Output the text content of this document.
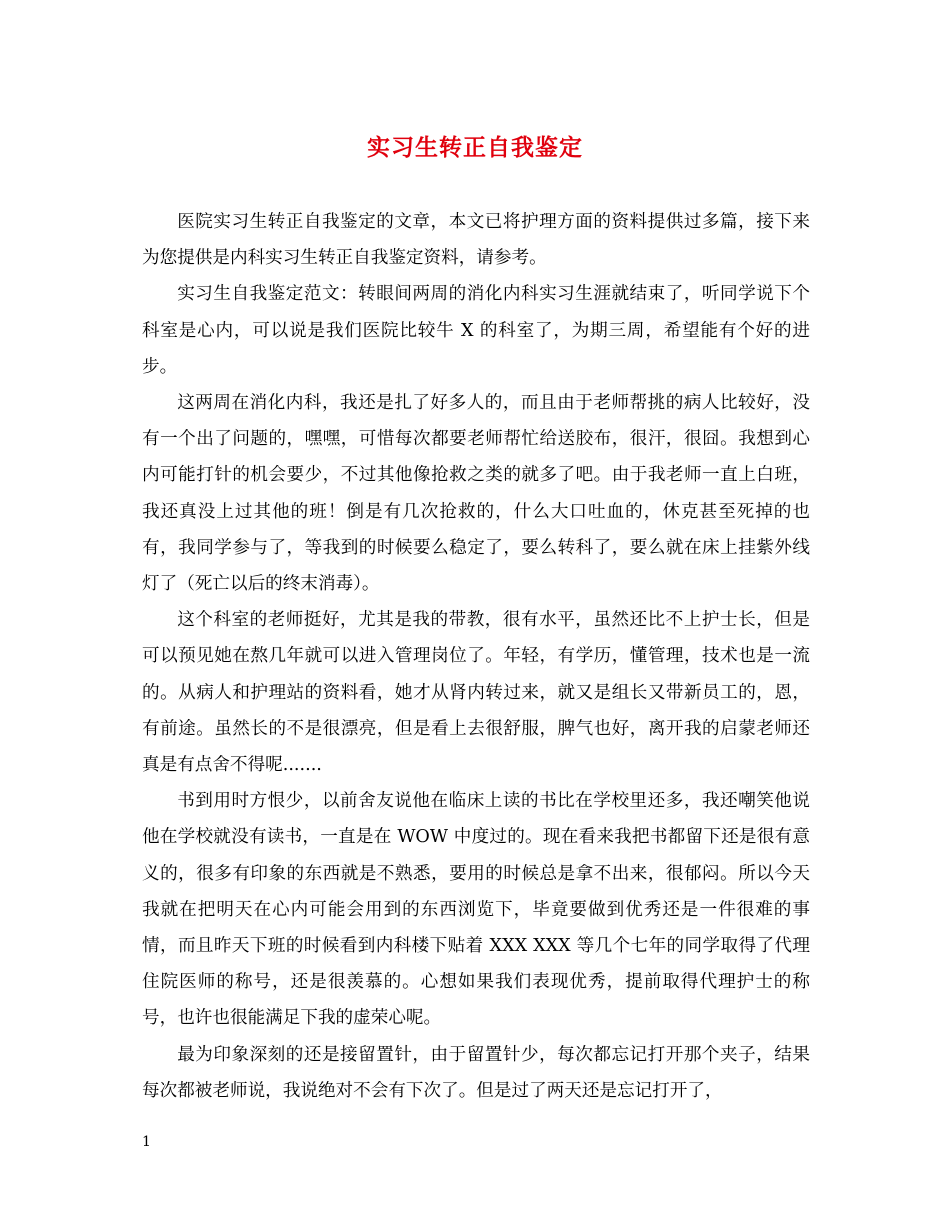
实习生转正自我鉴定

医院实习生转正自我鉴定的文章，本文已将护理方面的资料提供过多篇，接下来为您提供是内科实习生转正自我鉴定资料，请参考。

实习生自我鉴定范文：转眼间两周的消化内科实习生涯就结束了，听同学说下个科室是心内，可以说是我们医院比较牛 X 的科室了，为期三周，希望能有个好的进步。

这两周在消化内科，我还是扎了好多人的，而且由于老师帮挑的病人比较好，没有一个出了问题的，嘿嘿，可惜每次都要老师帮忙给送胶布，很汗，很囧。我想到心内可能打针的机会要少，不过其他像抢救之类的就多了吧。由于我老师一直上白班，我还真没上过其他的班！倒是有几次抢救的，什么大口吐血的，休克甚至死掉的也有，我同学参与了，等我到的时候要么稳定了，要么转科了，要么就在床上挂紫外线灯了（死亡以后的终末消毒）。

这个科室的老师挺好，尤其是我的带教，很有水平，虽然还比不上护士长，但是可以预见她在熬几年就可以进入管理岗位了。年轻，有学历，懂管理，技术也是一流的。从病人和护理站的资料看，她才从肾内转过来，就又是组长又带新员工的，恩，有前途。虽然长的不是很漂亮，但是看上去很舒服，脾气也好，离开我的启蒙老师还真是有点舍不得呢.......

书到用时方恨少，以前舍友说他在临床上读的书比在学校里还多，我还嘲笑他说他在学校就没有读书，一直是在 WOW 中度过的。现在看来我把书都留下还是很有意义的，很多有印象的东西就是不熟悉，要用的时候总是拿不出来，很郁闷。所以今天我就在把明天在心内可能会用到的东西浏览下，毕竟要做到优秀还是一件很难的事情，而且昨天下班的时候看到内科楼下贴着 XXX XXX 等几个七年的同学取得了代理住院医师的称号，还是很羡慕的。心想如果我们表现优秀，提前取得代理护士的称号，也许也很能满足下我的虚荣心呢。

最为印象深刻的还是接留置针，由于留置针少，每次都忘记打开那个夹子，结果每次都被老师说，我说绝对不会有下次了。但是过了两天还是忘记打开了，

1
